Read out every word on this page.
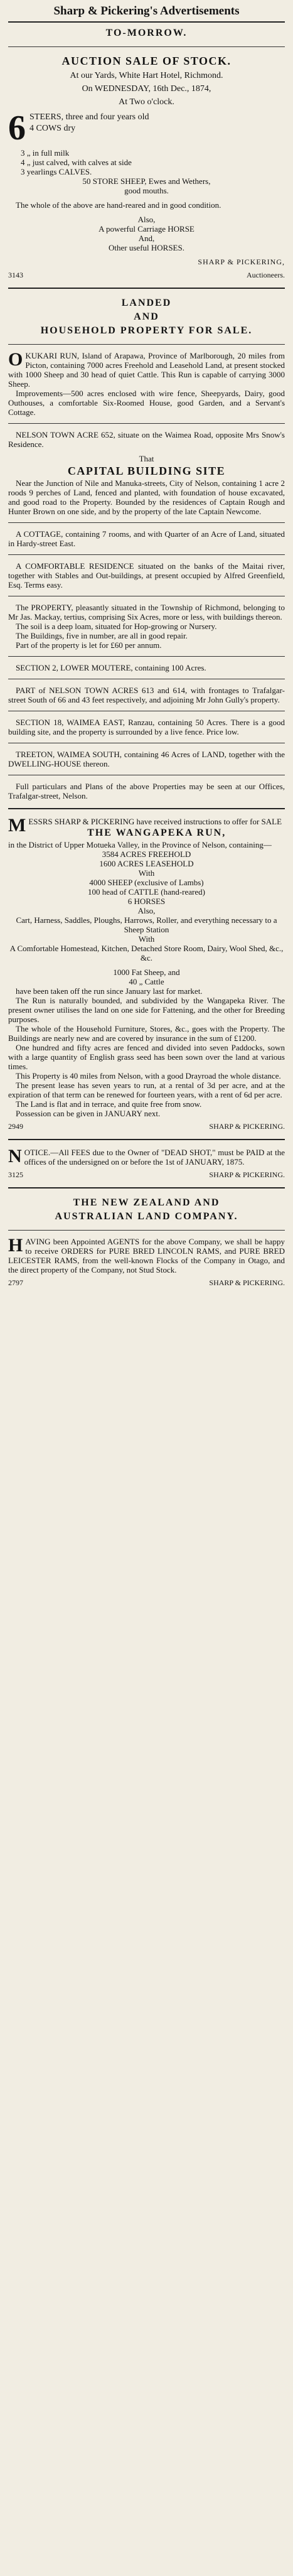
Sharp & Pickering's Advertisements
TO-MORROW.
AUCTION SALE OF STOCK.
At our Yards, White Hart Hotel, Richmond.
On WEDNESDAY, 16th Dec., 1874,
At Two o'clock.
6 STEERS, three and four years old
4 COWS dry
3 „ in full milk
4 „ just calved, with calves at side
3 yearlings CALVES.
50 STORE SHEEP, Ewes and Wethers,
good mouths.

The whole of the above are hand-reared and in good condition.

Also,
A powerful Carriage HORSE
And,
Other useful HORSES.
SHARP & PICKERING,
3143	Auctioneers.
LANDED
AND
HOUSEHOLD PROPERTY FOR SALE.

OKUKARI RUN, Island of Arapawa, Province of Marlborough, 20 miles from Picton, containing 7000 acres Freehold and Leasehold Land, at present stocked with 1000 Sheep and 30 head of quiet Cattle. This Run is capable of carrying 3000 Sheep.

Improvements—500 acres enclosed with wire fence, Sheepyards, Dairy, good Outhouses, a comfortable Six-Roomed House, good Garden, and a Servant's Cottage.

NELSON TOWN ACRE 652, situate on the Waimea Road, opposite Mrs Snow's Residence.

That
CAPITAL BUILDING SITE

Near the Junction of Nile and Manuka-streets, City of Nelson, containing 1 acre 2 roods 9 perches of Land, fenced and planted, with foundation of house excavated, and good road to the Property. Bounded by the residences of Captain Rough and Hunter Brown on one side, and by the property of the late Captain Newcome.

A COTTAGE, containing 7 rooms, and with Quarter of an Acre of Land, situated in Hardy-street East.

A COMFORTABLE RESIDENCE situated on the banks of the Maitai river, together with Stables and Out-buildings, at present occupied by Alfred Greenfield, Esq. Terms easy.

The PROPERTY, pleasantly situated in the Township of Richmond, belonging to Mr Jas. Mackay, tertius, comprising Six Acres, more or less, with buildings thereon.

The soil is a deep loam, situated for Hop-growing or Nursery.

The Buildings, five in number, are all in good repair.

Part of the property is let for £60 per annum.

SECTION 2, LOWER MOUTERE, containing 100 Acres.

PART of NELSON TOWN ACRES 613 and 614, with frontages to Trafalgar-street South of 66 and 43 feet respectively, and adjoining Mr John Gully's property.

SECTION 18, WAIMEA EAST, Ranzau, containing 50 Acres. There is a good building site, and the property is surrounded by a live fence. Price low.

TREETON, WAIMEA SOUTH, containing 46 Acres of LAND, together with the DWELLING-HOUSE thereon.

Full particulars and Plans of the above Properties may be seen at our Offices, Trafalgar-street, Nelson.

MESSRS SHARP & PICKERING have received instructions to offer for SALE

THE WANGAPEKA RUN,

in the District of Upper Motueka Valley, in the Province of Nelson, containing—

3584 ACRES FREEHOLD
1600 ACRES LEASEHOLD
With
4000 SHEEP (exclusive of Lambs)
100 head of CATTLE (hand-reared)
6 HORSES
Also,

Cart, Harness, Saddles, Ploughs, Harrows, Roller, and everything necessary to a Sheep Station

With

A Comfortable Homestead, Kitchen, Detached Store Room, Dairy, Wool Shed, &c., &c.

1000 Fat Sheep, and
40 „ Cattle

have been taken off the run since January last for market.

The Run is naturally bounded, and subdivided by the Wangapeka River. The present owner utilises the land on one side for Fattening, and the other for Breeding purposes.

The whole of the Household Furniture, Stores, &c., goes with the Property. The Buildings are nearly new and are covered by insurance in the sum of £1200.

One hundred and fifty acres are fenced and divided into seven Paddocks, sown with a large quantity of English grass seed has been sown over the land at various times.

This Property is 40 miles from Nelson, with a good Drayroad the whole distance.

The present lease has seven years to run, at a rental of 3d per acre, and at the expiration of that term can be renewed for fourteen years, with a rent of 6d per acre.

The Land is flat and in terrace, and quite free from snow.

Possession can be given in JANUARY next.

2949	SHARP & PICKERING.

NOTICE.—All FEES due to the Owner of "DEAD SHOT," must be PAID at the offices of the undersigned on or before the 1st of JANUARY, 1875.

3125	SHARP & PICKERING.
THE NEW ZEALAND AND
AUSTRALIAN LAND COMPANY.

HAVING been Appointed AGENTS for the above Company, we shall be happy to receive ORDERS for PURE BRED LINCOLN RAMS, and PURE BRED LEICESTER RAMS, from the well-known Flocks of the Company in Otago, and the direct property of the Company, not Stud Stock.

2797	SHARP & PICKERING.
